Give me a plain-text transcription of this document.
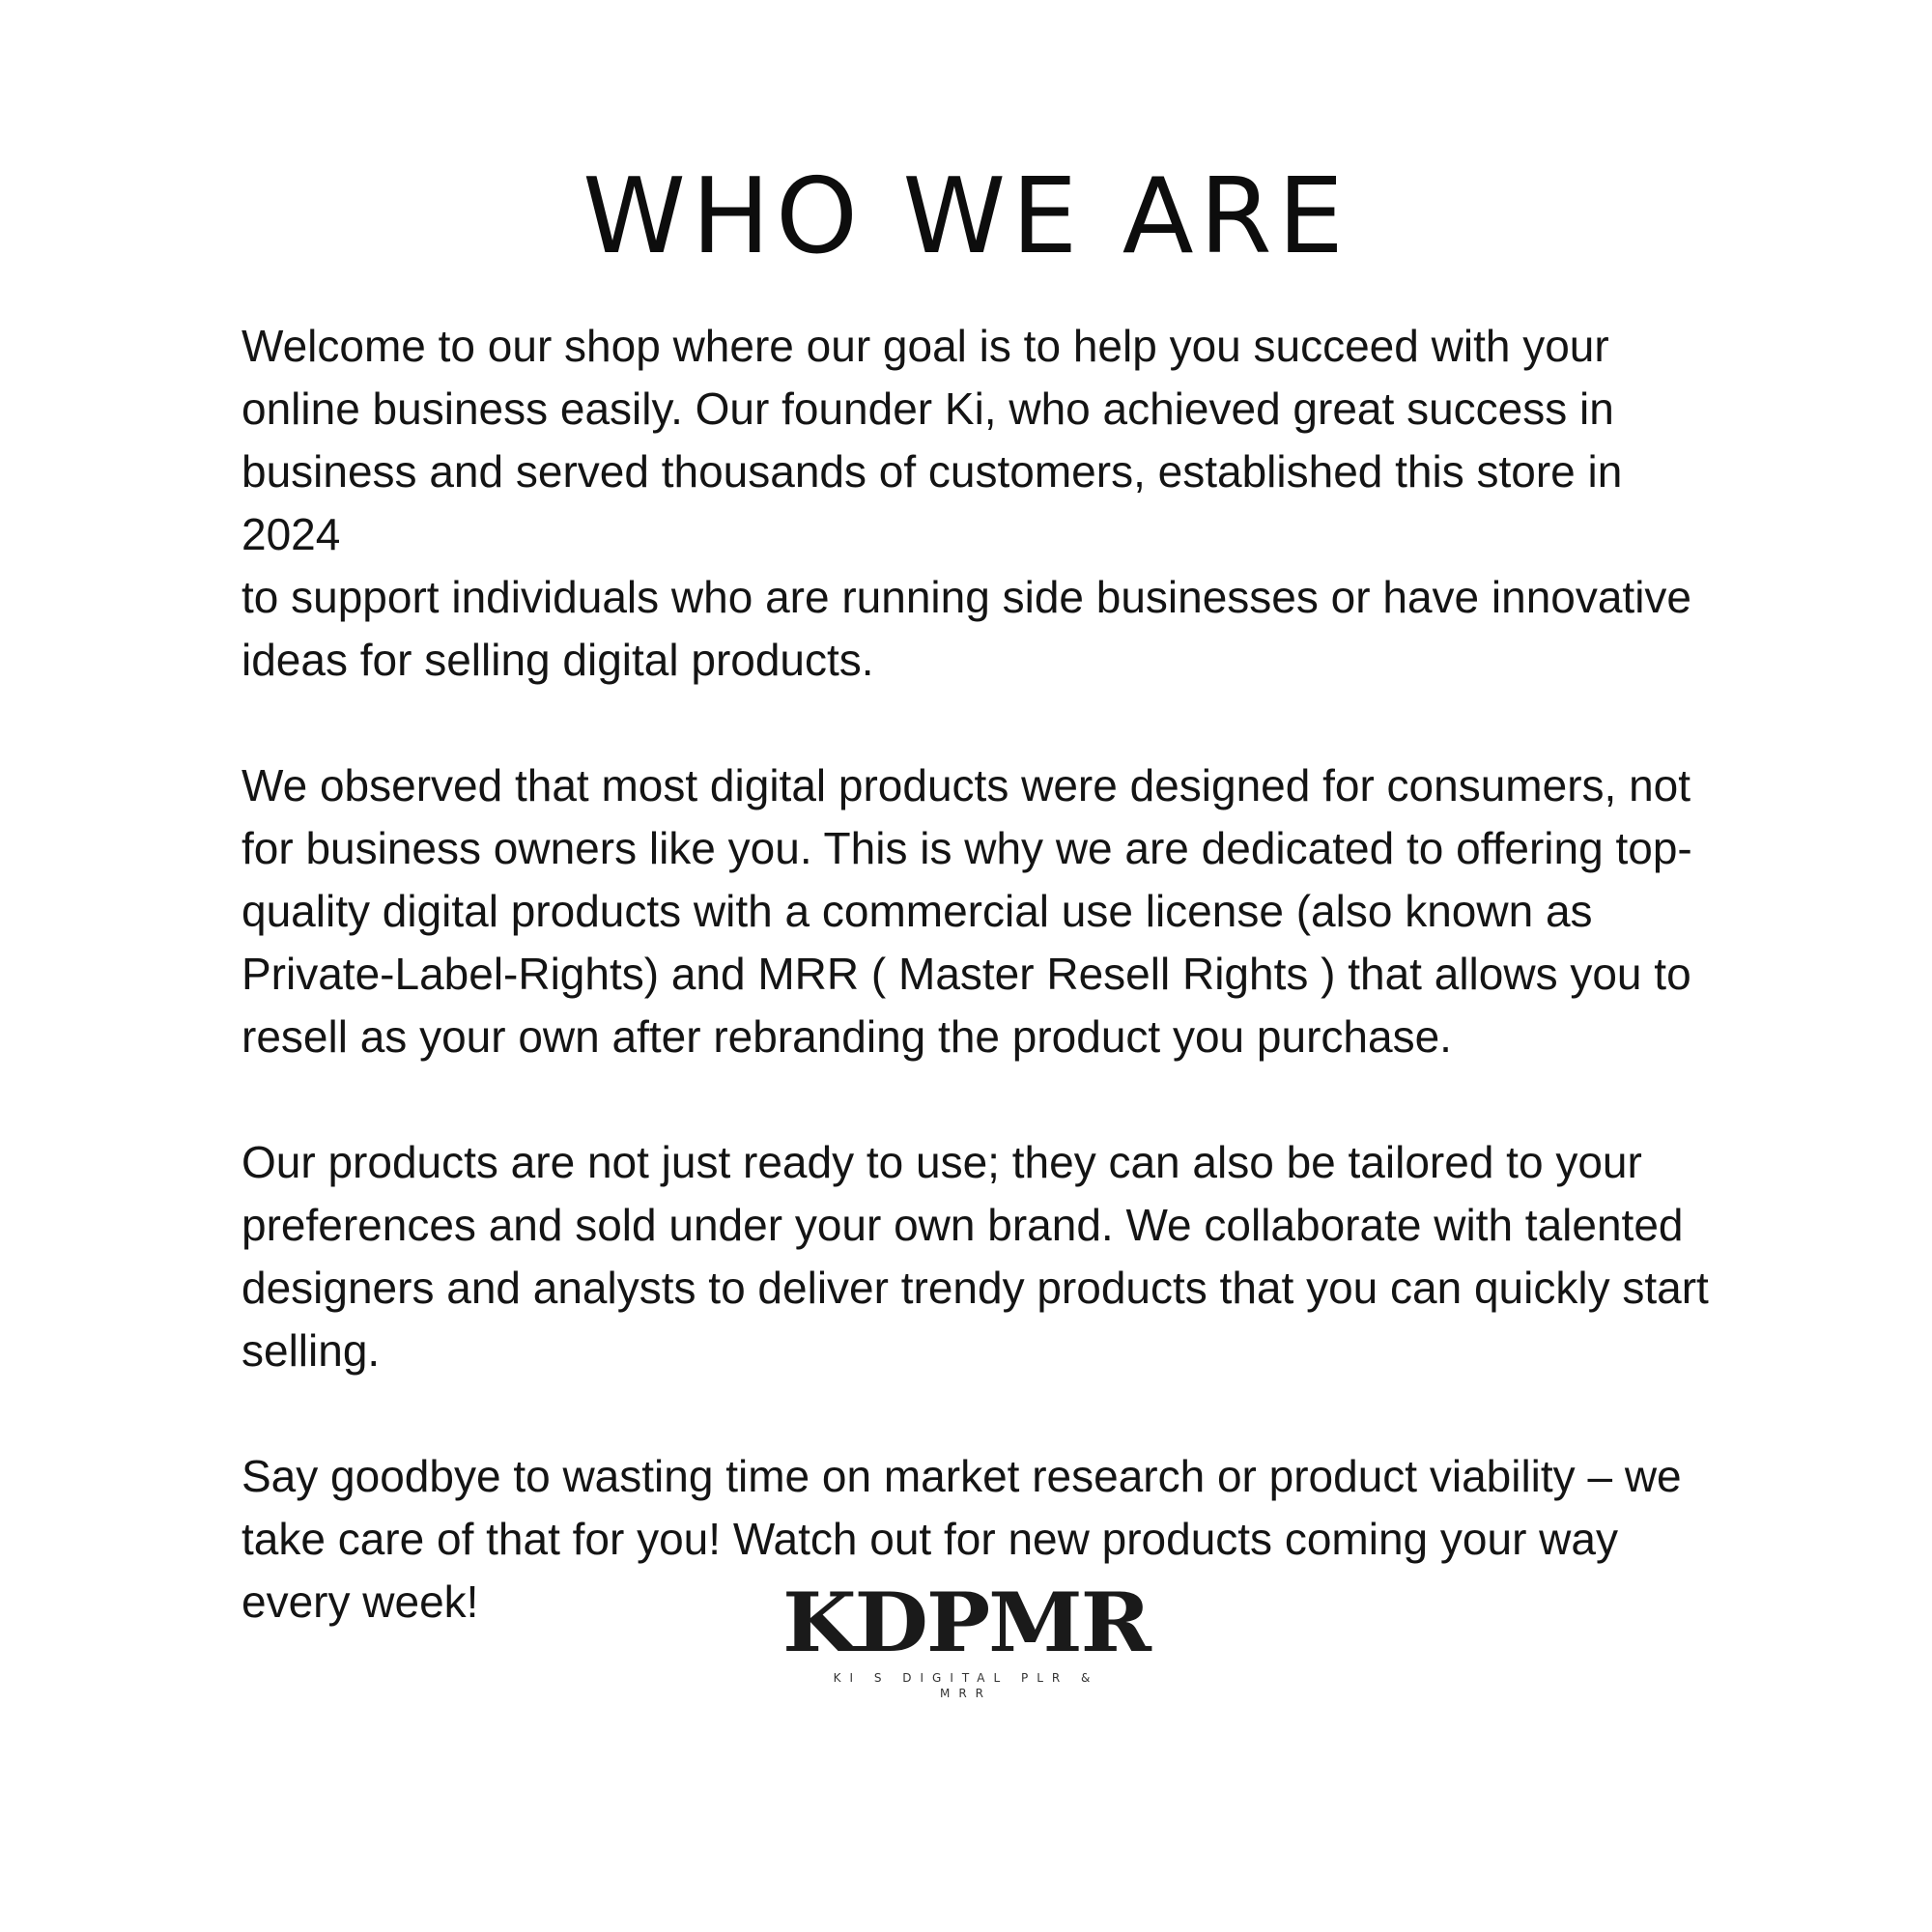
WHO WE ARE

Welcome to our shop where our goal is to help you succeed with your
online business easily. Our founder Ki, who achieved great success in
business and served thousands of customers, established this store in 2024
to support individuals who are running side businesses or have innovative
ideas for selling digital products.

We observed that most digital products were designed for consumers, not
for business owners like you. This is why we are dedicated to offering top-
quality digital products with a commercial use license (also known as
Private-Label-Rights) and MRR ( Master Resell Rights ) that allows you to
resell as your own after rebranding the product you purchase.

Our products are not just ready to use; they can also be tailored to your
preferences and sold under your own brand. We collaborate with talented
designers and analysts to deliver trendy products that you can quickly start
selling.

Say goodbye to wasting time on market research or product viability – we
take care of that for you! Watch out for new products coming your way
every week!	KDPMR
KI S DIGITAL PLR & MRR
